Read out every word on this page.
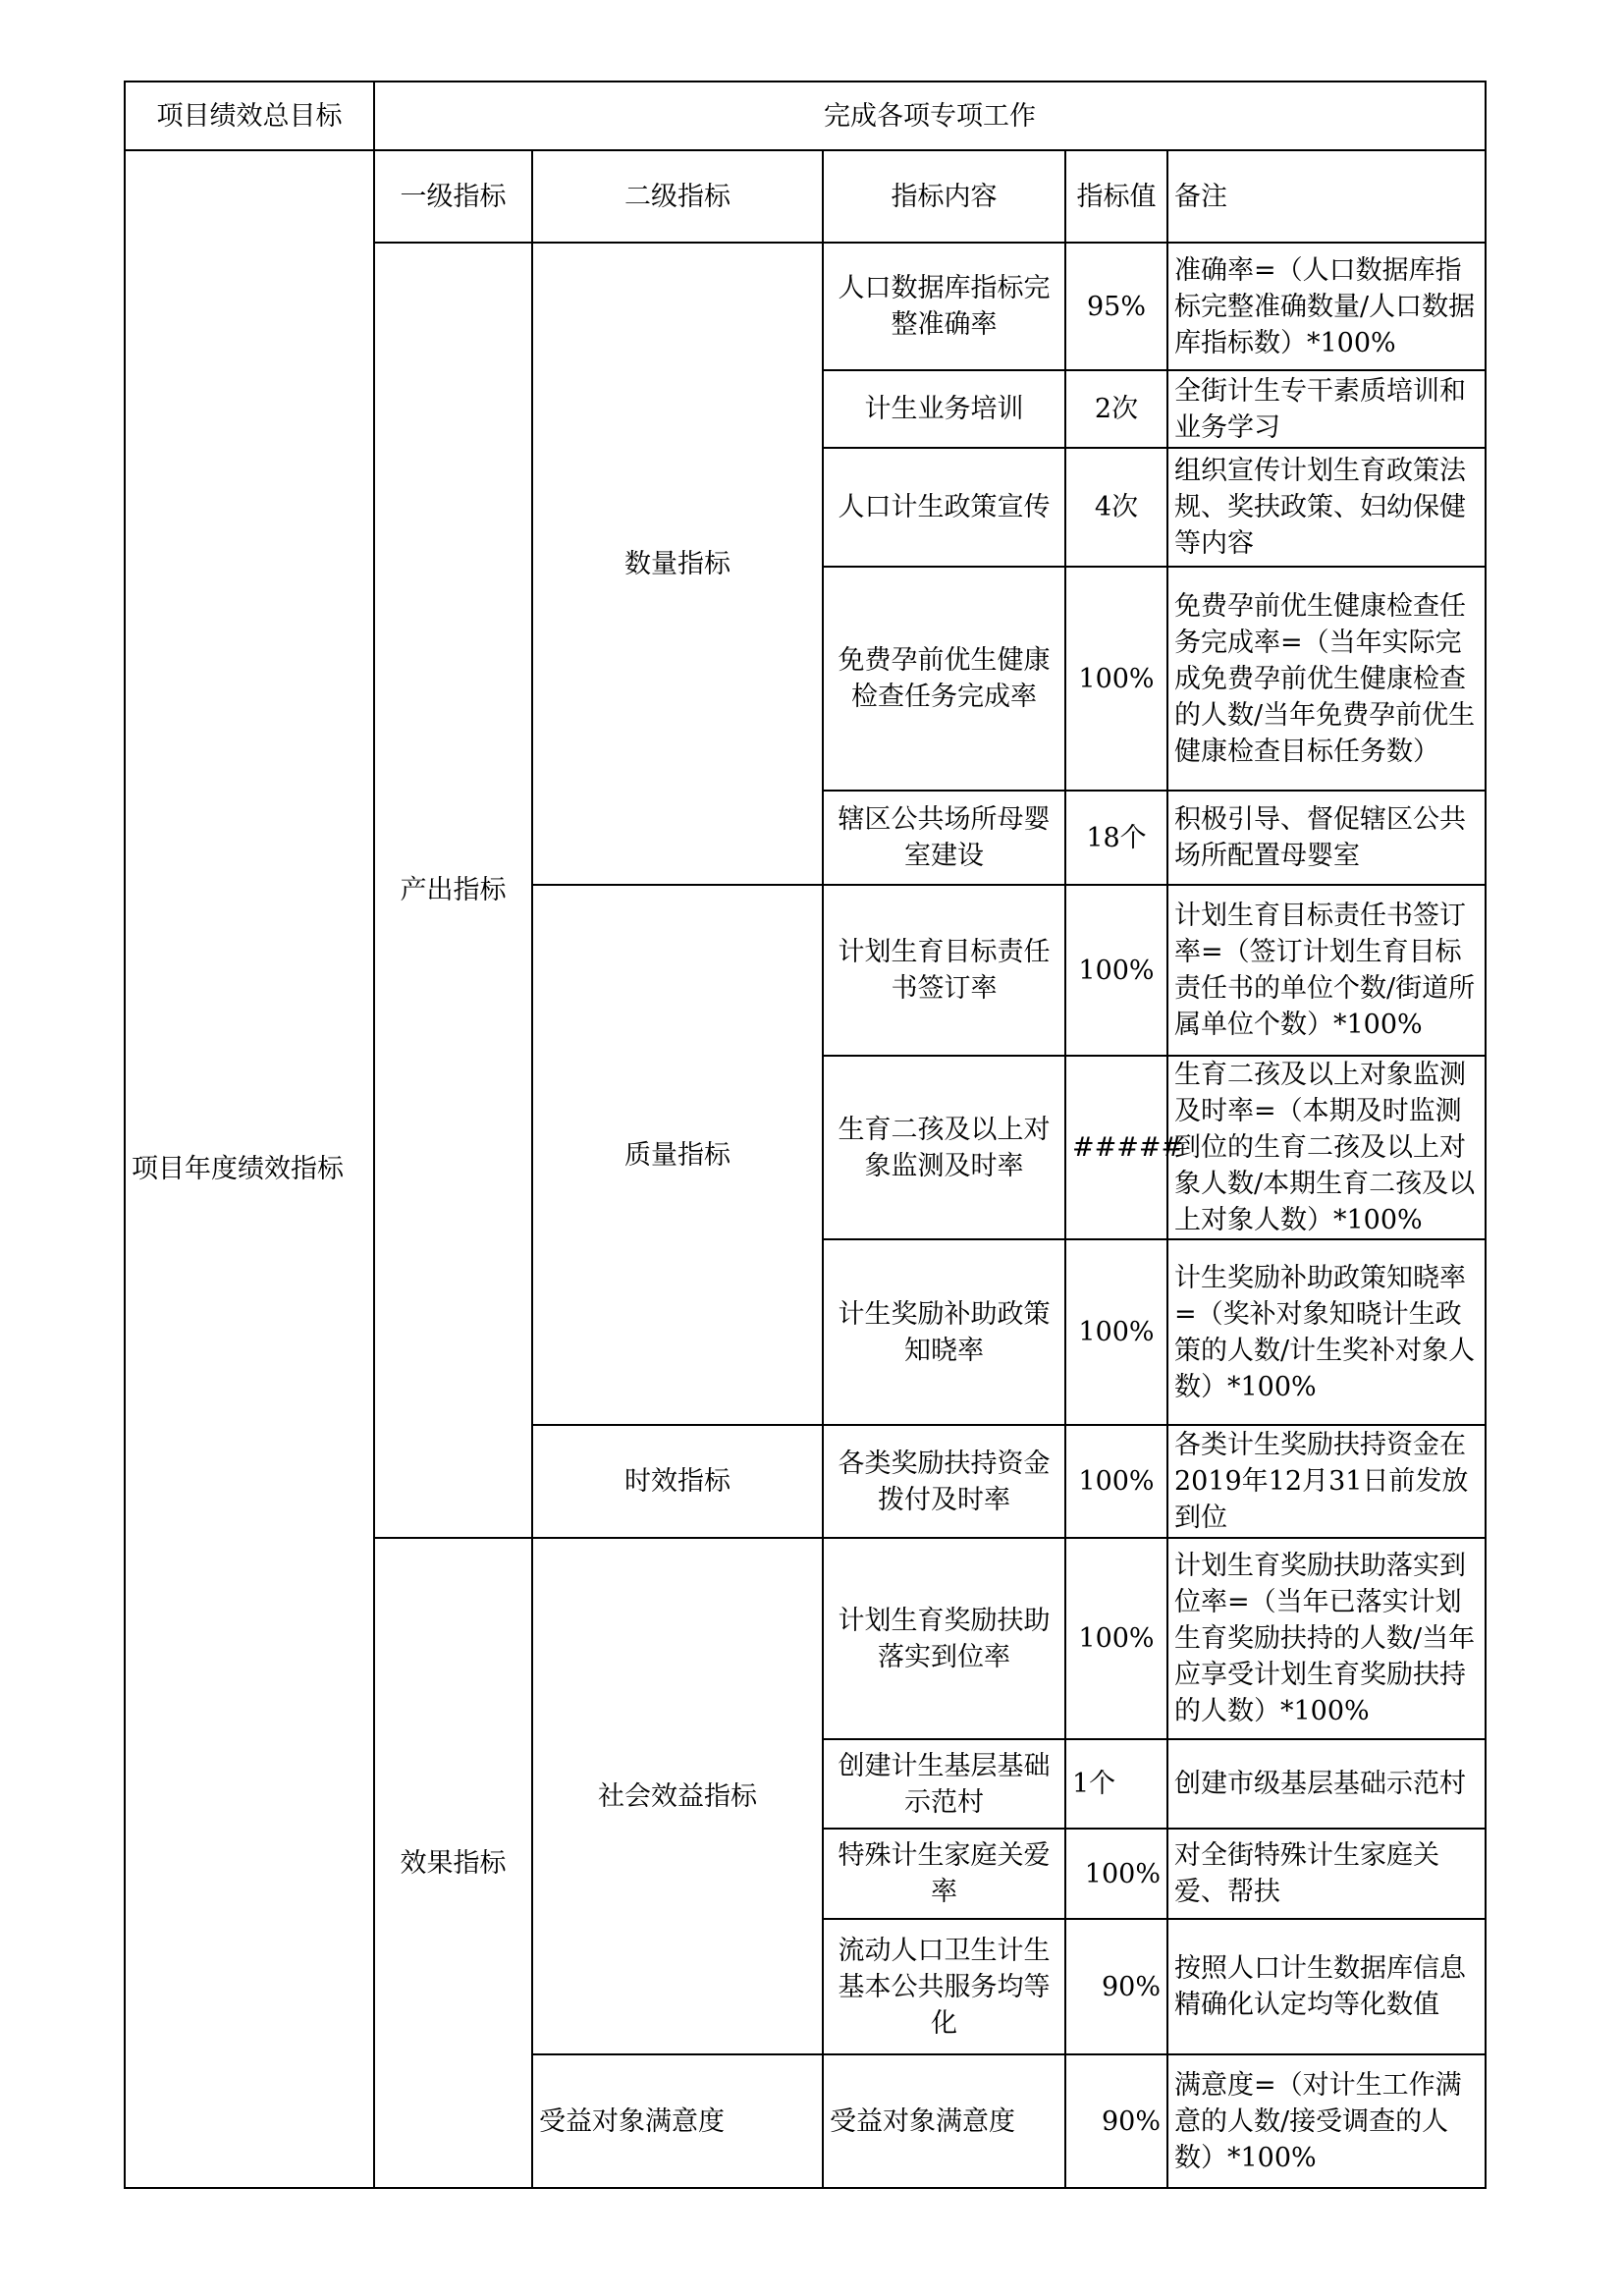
项目绩效总目标	完成各项专项工作				
项目年度绩效指标	一级指标	二级指标	指标内容	指标值	备注
	产出指标	数量指标	人口数据库指标完整准确率	95%	准确率=（人口数据库指标完整准确数量/人口数据库指标数）*100%
			计生业务培训	2次	全街计生专干素质培训和业务学习
			人口计生政策宣传	4次	组织宣传计划生育政策法规、奖扶政策、妇幼保健等内容
			免费孕前优生健康检查任务完成率	100%	免费孕前优生健康检查任务完成率=（当年实际完成免费孕前优生健康检查的人数/当年免费孕前优生健康检查目标任务数）
			辖区公共场所母婴室建设	18个	积极引导、督促辖区公共场所配置母婴室
		质量指标	计划生育目标责任书签订率	100%	计划生育目标责任书签订率=（签订计划生育目标责任书的单位个数/街道所属单位个数）*100%
			生育二孩及以上对象监测及时率	#####	生育二孩及以上对象监测及时率=（本期及时监测到位的生育二孩及以上对象人数/本期生育二孩及以上对象人数）*100%
			计生奖励补助政策知晓率	100%	计生奖励补助政策知晓率=（奖补对象知晓计生政策的人数/计生奖补对象人数）*100%
		时效指标	各类奖励扶持资金拨付及时率	100%	各类计生奖励扶持资金在2019年12月31日前发放到位
	效果指标	社会效益指标	计划生育奖励扶助落实到位率	100%	计划生育奖励扶助落实到位率=（当年已落实计划生育奖励扶持的人数/当年应享受计划生育奖励扶持的人数）*100%
			创建计生基层基础示范村	1个	创建市级基层基础示范村
			特殊计生家庭关爱率	100%	对全街特殊计生家庭关爱、帮扶
			流动人口卫生计生基本公共服务均等化	90%	按照人口计生数据库信息精确化认定均等化数值
		受益对象满意度	受益对象满意度	90%	满意度=（对计生工作满意的人数/接受调查的人数）*100%
